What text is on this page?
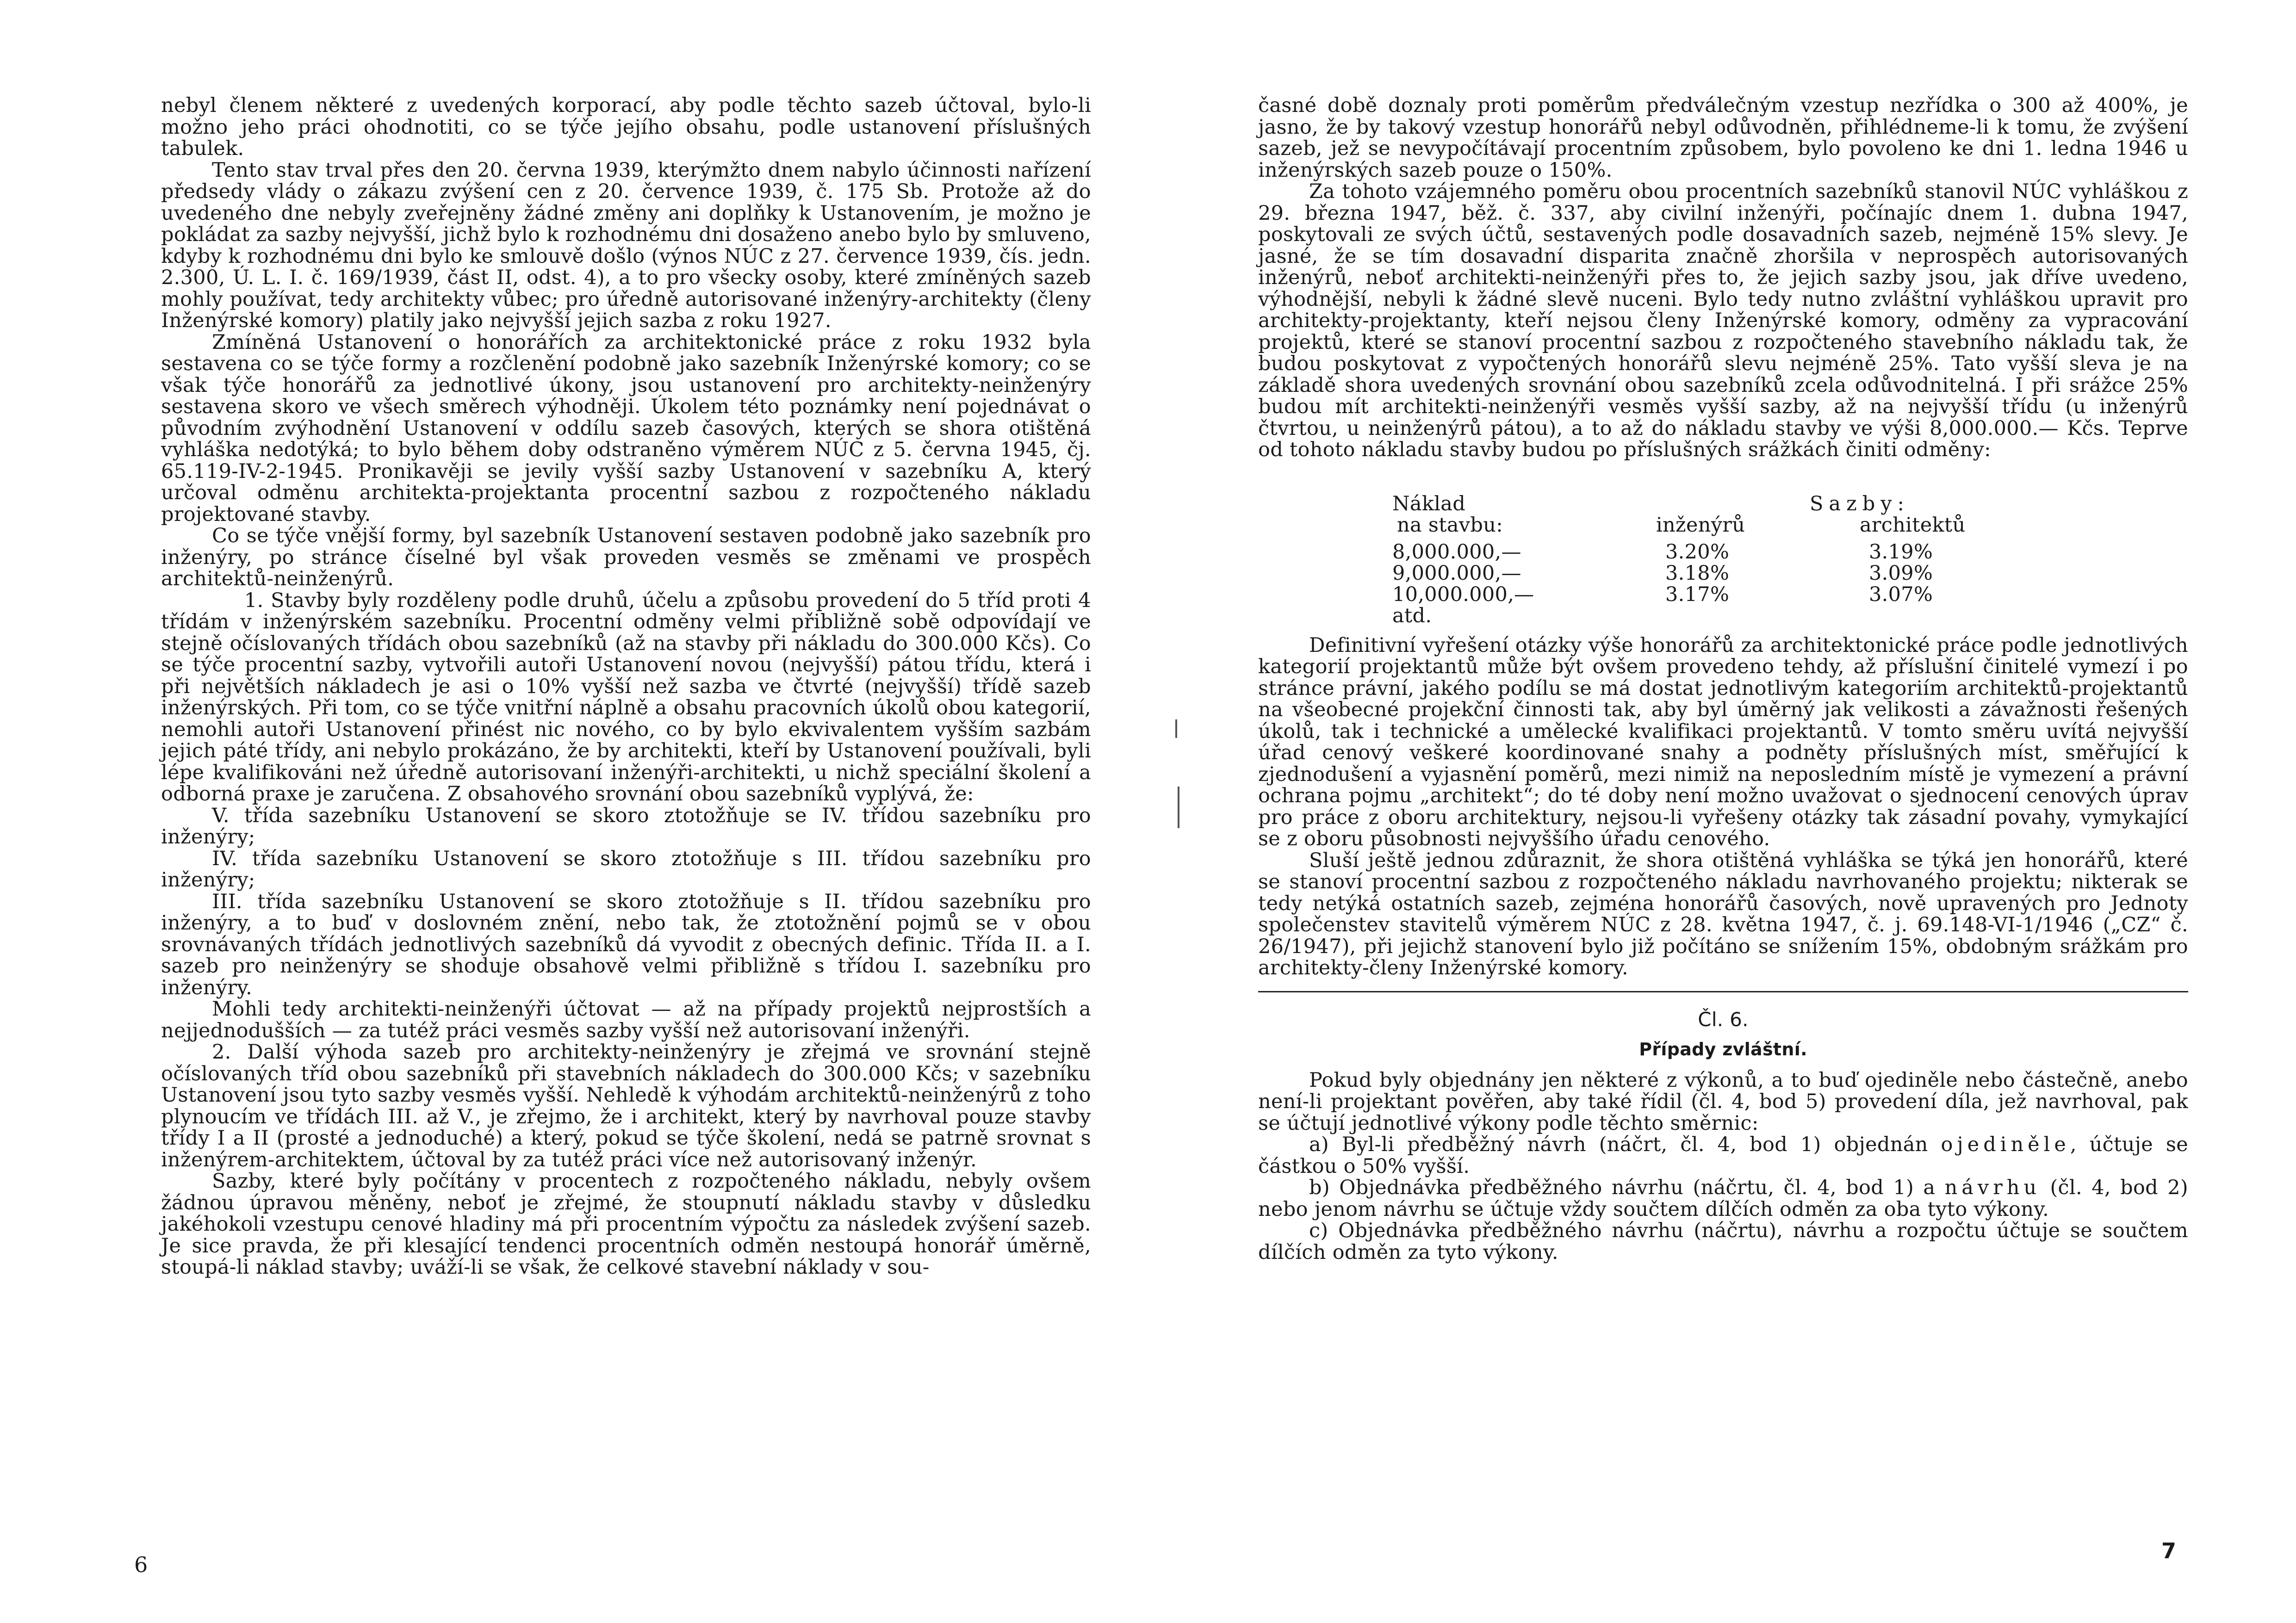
nebyl členem některé z uvedených korporací, aby podle těchto sazeb účtoval, bylo-li možno jeho práci ohodnotiti, co se týče jejího obsahu, podle ustanovení příslušných tabulek.

Tento stav trval přes den 20. června 1939, kterýmžto dnem nabylo účinnosti nařízení předsedy vlády o zákazu zvýšení cen z 20. července 1939, č. 175 Sb. Protože až do uvedeného dne nebyly zveřejněny žádné změny ani doplňky k Ustanovením, je možno je pokládat za sazby nejvyšší, jichž bylo k rozhodnému dni dosaženo anebo bylo by smluveno, kdyby k rozhodnému dni bylo ke smlouvě došlo (výnos NÚC z 27. července 1939, čís. jedn. 2.300, Ú. L. I. č. 169/1939, část II, odst. 4), a to pro všecky osoby, které zmíněných sazeb mohly používat, tedy architekty vůbec; pro úředně autorisované inženýry-architekty (členy Inženýrské komory) platily jako nejvyšší jejich sazba z roku 1927.

Zmíněná Ustanovení o honorářích za architektonické práce z roku 1932 byla sestavena co se týče formy a rozčlenění podobně jako sazebník Inženýrské komory; co se však týče honorářů za jednotlivé úkony, jsou ustanovení pro architekty-neinženýry sestavena skoro ve všech směrech výhodněji. Úkolem této poznámky není pojednávat o původním zvýhodnění Ustanovení v oddílu sazeb časových, kterých se shora otištěná vyhláška nedotýká; to bylo během doby odstraněno výměrem NÚC z 5. června 1945, čj. 65.119-IV-2-1945. Pronikavěji se jevily vyšší sazby Ustanovení v sazebníku A, který určoval odměnu architekta-projektanta procentní sazbou z rozpočteného nákladu projektované stavby.

Co se týče vnější formy, byl sazebník Ustanovení sestaven podobně jako sazebník pro inženýry, po stránce číselné byl však proveden vesměs se změnami ve prospěch architektů-neinženýrů.

1. Stavby byly rozděleny podle druhů, účelu a způsobu provedení do 5 tříd proti 4 třídám v inženýrském sazebníku. Procentní odměny velmi přibližně sobě odpovídají ve stejně očíslovaných třídách obou sazebníků (až na stavby při nákladu do 300.000 Kčs). Co se týče procentní sazby, vytvořili autoři Ustanovení novou (nejvyšší) pátou třídu, která i při největších nákladech je asi o 10% vyšší než sazba ve čtvrté (nejvyšší) třídě sazeb inženýrských. Při tom, co se týče vnitřní náplně a obsahu pracovních úkolů obou kategorií, nemohli autoři Ustanovení přinést nic nového, co by bylo ekvivalentem vyšším sazbám jejich páté třídy, ani nebylo prokázáno, že by architekti, kteří by Ustanovení používali, byli lépe kvalifikováni než úředně autorisovaní inženýři-architekti, u nichž speciální školení a odborná praxe je zaručena. Z obsahového srovnání obou sazebníků vyplývá, že:

V. třída sazebníku Ustanovení se skoro ztotožňuje se IV. třídou sazebníku pro inženýry;

IV. třída sazebníku Ustanovení se skoro ztotožňuje s III. třídou sazebníku pro inženýry;

III. třída sazebníku Ustanovení se skoro ztotožňuje s II. třídou sazebníku pro inženýry, a to buď v doslovném znění, nebo tak, že ztotožnění pojmů se v obou srovnávaných třídách jednotlivých sazebníků dá vyvodit z obecných definic. Třída II. a I. sazeb pro neinženýry se shoduje obsahově velmi přibližně s třídou I. sazebníku pro inženýry.

Mohli tedy architekti-neinženýři účtovat — až na případy projektů nejprostších a nejjednodušších — za tutéž práci vesměs sazby vyšší než autorisovaní inženýři.

2. Další výhoda sazeb pro architekty-neinženýry je zřejmá ve srovnání stejně očíslovaných tříd obou sazebníků při stavebních nákladech do 300.000 Kčs; v sazebníku Ustanovení jsou tyto sazby vesměs vyšší. Nehledě k výhodám architektů-neinženýrů z toho plynoucím ve třídách III. až V., je zřejmo, že i architekt, který by navrhoval pouze stavby třídy I a II (prosté a jednoduché) a který, pokud se týče školení, nedá se patrně srovnat s inženýrem-architektem, účtoval by za tutéž práci více než autorisovaný inženýr.

Sazby, které byly počítány v procentech z rozpočteného nákladu, nebyly ovšem žádnou úpravou měněny, neboť je zřejmé, že stoupnutí nákladu stavby v důsledku jakéhokoli vzestupu cenové hladiny má při procentním výpočtu za následek zvýšení sazeb. Je sice pravda, že při klesající tendenci procentních odměn nestoupá honorář úměrně, stoupá-li náklad stavby; uváží-li se však, že celkové stavební náklady v sou-

6

časné době doznaly proti poměrům předválečným vzestup nezřídka o 300 až 400%, je jasno, že by takový vzestup honorářů nebyl odůvodněn, přihlédneme-li k tomu, že zvýšení sazeb, jež se nevypočítávají procentním způsobem, bylo povoleno ke dni 1. ledna 1946 u inženýrských sazeb pouze o 150%.

Za tohoto vzájemného poměru obou procentních sazebníků stanovil NÚC vyhláškou z 29. března 1947, běž. č. 337, aby civilní inženýři, počínajíc dnem 1. dubna 1947, poskytovali ze svých účtů, sestavených podle dosavadních sazeb, nejméně 15% slevy. Je jasné, že se tím dosavadní disparita značně zhoršila v neprospěch autorisovaných inženýrů, neboť architekti-neinženýři přes to, že jejich sazby jsou, jak dříve uvedeno, výhodnější, nebyli k žádné slevě nuceni. Bylo tedy nutno zvláštní vyhláškou upravit pro architekty-projektanty, kteří nejsou členy Inženýrské komory, odměny za vypracování projektů, které se stanoví procentní sazbou z rozpočteného stavebního nákladu tak, že budou poskytovat z vypočtených honorářů slevu nejméně 25%. Tato vyšší sleva je na základě shora uvedených srovnání obou sazebníků zcela odůvodnitelná. I při srážce 25% budou mít architekti-neinženýři vesměs vyšší sazby, až na nejvyšší třídu (u inženýrů čtvrtou, u neinženýrů pátou), a to až do nákladu stavby ve výši 8,000.000.— Kčs. Teprve od tohoto nákladu stavby budou po příslušných srážkách činiti odměny:

Náklad	Sazby:	
na stavbu:	inženýrů	architektů
8,000.000,—	3.20%	3.19%
9,000.000,—	3.18%	3.09%
10,000.000,—	3.17%	3.07%
atd.		

Definitivní vyřešení otázky výše honorářů za architektonické práce podle jednotlivých kategorií projektantů může být ovšem provedeno tehdy, až příslušní činitelé vymezí i po stránce právní, jakého podílu se má dostat jednotlivým kategoriím architektů-projektantů na všeobecné projekční činnosti tak, aby byl úměrný jak velikosti a závažnosti řešených úkolů, tak i technické a umělecké kvalifikaci projektantů. V tomto směru uvítá nejvyšší úřad cenový veškeré koordinované snahy a podněty příslušných míst, směřující k zjednodušení a vyjasnění poměrů, mezi nimiž na neposledním místě je vymezení a právní ochrana pojmu „architekt“; do té doby není možno uvažovat o sjednocení cenových úprav pro práce z oboru architektury, nejsou-li vyřešeny otázky tak zásadní povahy, vymykající se z oboru působnosti nejvyššího úřadu cenového.

Sluší ještě jednou zdůraznit, že shora otištěná vyhláška se týká jen honorářů, které se stanoví procentní sazbou z rozpočteného nákladu navrhovaného projektu; nikterak se tedy netýká ostatních sazeb, zejména honorářů časových, nově upravených pro Jednoty společenstev stavitelů výměrem NÚC z 28. května 1947, č. j. 69.148-VI-1/1946 („CZ“ č. 26/1947), při jejichž stanovení bylo již počítáno se snížením 15%, obdobným srážkám pro architekty-členy Inženýrské komory.

Čl. 6.
Případy zvláštní.

Pokud byly objednány jen některé z výkonů, a to buď ojediněle nebo částečně, anebo není-li projektant pověřen, aby také řídil (čl. 4, bod 5) provedení díla, jež navrhoval, pak se účtují jednotlivé výkony podle těchto směrnic:

a) Byl-li předběžný návrh (náčrt, čl. 4, bod 1) objednán ojediněle, účtuje se částkou o 50% vyšší.

b) Objednávka předběžného návrhu (náčrtu, čl. 4, bod 1) a návrhu (čl. 4, bod 2) nebo jenom návrhu se účtuje vždy součtem dílčích odměn za oba tyto výkony.

c) Objednávka předběžného návrhu (náčrtu), návrhu a rozpočtu účtuje se součtem dílčích odměn za tyto výkony.

7
